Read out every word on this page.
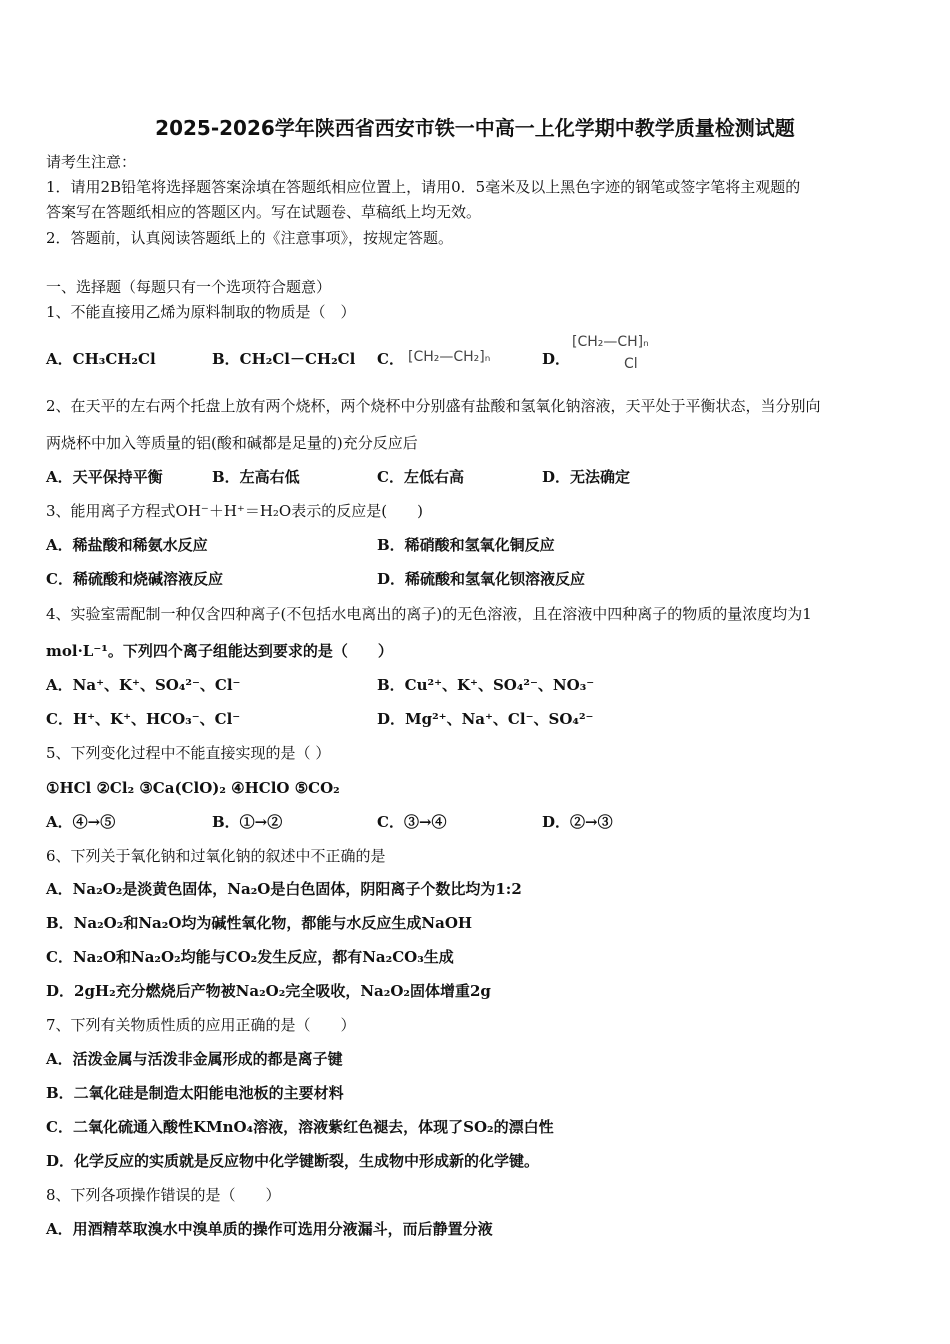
2025-2026学年陕西省西安市铁一中高一上化学期中教学质量检测试题
请考生注意：
1．请用2B铅笔将选择题答案涂填在答题纸相应位置上，请用0．5毫米及以上黑色字迹的钢笔或签字笔将主观题的
答案写在答题纸相应的答题区内。写在试题卷、草稿纸上均无效。
2．答题前，认真阅读答题纸上的《注意事项》，按规定答题。
一、选择题（每题只有一个选项符合题意）
1、不能直接用乙烯为原料制取的物质是（　）
A．CH₃CH₂Cl	B．CH₂Cl－CH₂Cl C． [CH₂—CH₂]ₙ	D．
[CH₂—CH]ₙ
Cl
2、在天平的左右两个托盘上放有两个烧杯，两个烧杯中分别盛有盐酸和氢氧化钠溶液，天平处于平衡状态，当分别向
两烧杯中加入等质量的铝(酸和碱都是足量的)充分反应后
A．天平保持平衡	B．左高右低	C．左低右高	D．无法确定
3、能用离子方程式OH⁻＋H⁺＝H₂O表示的反应是(　　)
A．稀盐酸和稀氨水反应	B．稀硝酸和氢氧化铜反应
C．稀硫酸和烧碱溶液反应	D．稀硫酸和氢氧化钡溶液反应
4、实验室需配制一种仅含四种离子(不包括水电离出的离子)的无色溶液，且在溶液中四种离子的物质的量浓度均为1
mol·L⁻¹。下列四个离子组能达到要求的是（　　）
A．Na⁺、K⁺、SO₄²⁻、Cl⁻	B．Cu²⁺、K⁺、SO₄²⁻、NO₃⁻
C．H⁺、K⁺、HCO₃⁻、Cl⁻	D．Mg²⁺、Na⁺、Cl⁻、SO₄²⁻
5、下列变化过程中不能直接实现的是（ ）
①HCl ②Cl₂ ③Ca(ClO)₂ ④HClO ⑤CO₂
A．④→⑤	B．①→②	C．③→④	D．②→③
6、下列关于氧化钠和过氧化钠的叙述中不正确的是
A．Na₂O₂是淡黄色固体，Na₂O是白色固体，阴阳离子个数比均为1:2
B．Na₂O₂和Na₂O均为碱性氧化物，都能与水反应生成NaOH
C．Na₂O和Na₂O₂均能与CO₂发生反应，都有Na₂CO₃生成
D．2gH₂充分燃烧后产物被Na₂O₂完全吸收，Na₂O₂固体增重2g
7、下列有关物质性质的应用正确的是（　　）
A．活泼金属与活泼非金属形成的都是离子键
B．二氧化硅是制造太阳能电池板的主要材料
C．二氧化硫通入酸性KMnO₄溶液，溶液紫红色褪去，体现了SO₂的漂白性
D．化学反应的实质就是反应物中化学键断裂，生成物中形成新的化学键。
8、下列各项操作错误的是（　　）
A．用酒精萃取溴水中溴单质的操作可选用分液漏斗，而后静置分液
